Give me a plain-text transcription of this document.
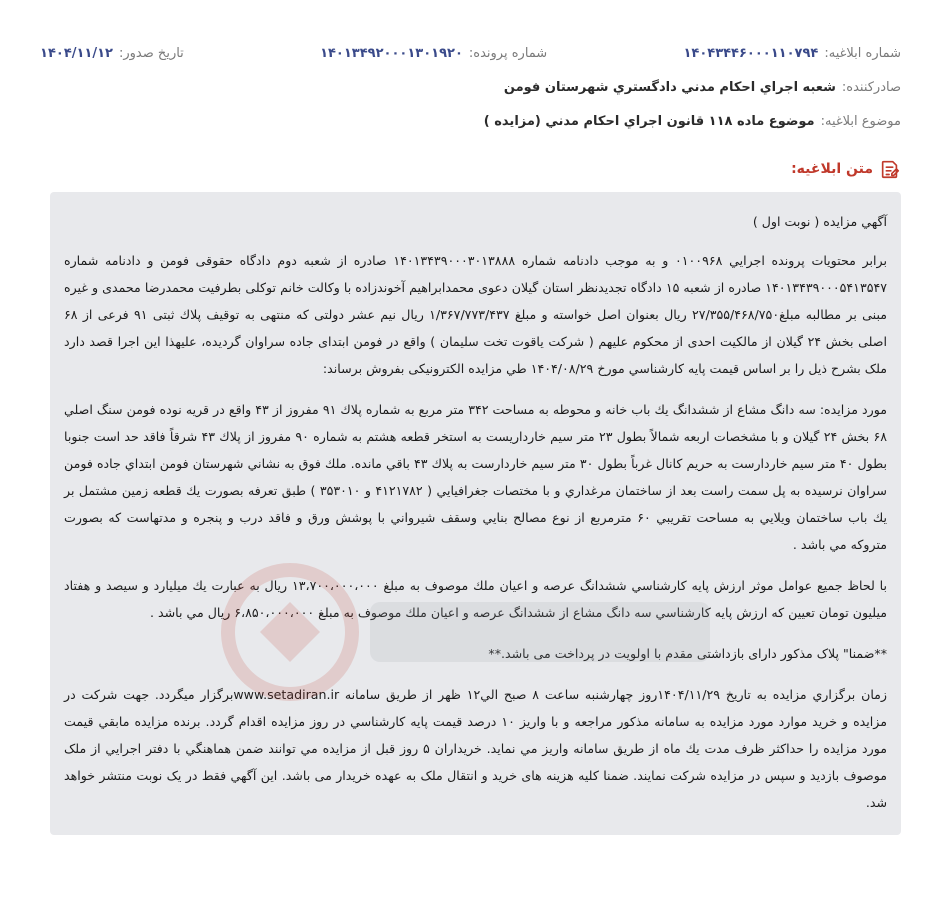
شماره ابلاغیه:
۱۴۰۴۳۴۴۶۰۰۰۱۱۰۷۹۴
شماره پرونده:
۱۴۰۱۳۴۹۲۰۰۰۱۳۰۱۹۲۰
تاریخ صدور:
۱۴۰۴/۱۱/۱۲
صادرکننده:
شعبه اجراي احكام مدني دادگستري شهرستان فومن
موضوع ابلاغیه:
موضوع ماده ۱۱۸ قانون اجراي احكام مدني (مزايده )
متن ابلاغیه:

آگهي مزايده ( نوبت اول )

برابر محتويات پرونده اجرايي ۰۱۰۰۹۶۸ و به موجب دادنامه شماره ۱۴۰۱۳۴۳۹۰۰۰۳۰۱۳۸۸۸ صادره از شعبه دوم دادگاه حقوقی فومن و دادنامه شماره ۱۴۰۱۳۴۳۹۰۰۰۵۴۱۳۵۴۷ صادره از شعبه ۱۵ دادگاه تجديدنظر استان گيلان دعوی محمدابراهيم آخوندزاده با وكالت خانم توكلی بطرفيت محمدرضا محمدی و غيره مبنی بر مطالبه مبلغ۲۷/۳۵۵/۴۶۸/۷۵۰ ريال بعنوان اصل خواسته و مبلغ ۱/۳۶۷/۷۷۳/۴۳۷ ريال نيم عشر دولتی كه منتهی به توقيف پلاك ثبتی ۹۱ فرعی از ۶۸ اصلی بخش ۲۴ گيلان از مالكيت احدی از محكوم عليهم ( شركت ياقوت تخت سليمان ) واقع در فومن ابتدای جاده سراوان گرديده، عليهذا اين اجرا قصد دارد ملک بشرح ذيل را بر اساس قيمت پايه كارشناسي مورخ ۱۴۰۴/۰۸/۲۹ طي مزايده الكترونيكی بفروش برساند:

مورد مزايده: سه دانگ مشاع از ششدانگ يك باب خانه و محوطه به مساحت ۳۴۲ متر مربع به شماره پلاك ۹۱ مفروز از ۴۳ واقع در قريه نوده فومن سنگ اصلي ۶۸ بخش ۲۴ گيلان و با مشخصات اربعه شمالاً بطول ۲۳ متر سيم خارداريست به استخر قطعه هشتم به شماره ۹۰ مفروز از پلاك ۴۳ شرقاً فاقد حد است جنوبا بطول ۴۰ متر سيم خاردارست به حريم كانال غرباً بطول ۳۰ متر سيم خاردارست به پلاك ۴۳ باقي مانده. ملك فوق به نشاني شهرستان فومن ابتداي جاده فومن سراوان نرسيده به پل سمت راست بعد از ساختمان مرغداري و با مختصات جغرافيايي ( ۴۱۲۱۷۸۲ و ۳۵۳۰۱۰ ) طبق تعرفه بصورت يك قطعه زمين مشتمل بر يك باب ساختمان ويلايي به مساحت تقريبي ۶۰ مترمربع از نوع مصالح بنايي وسقف شيرواني با پوشش ورق و فاقد درب و پنجره و مدتهاست كه بصورت متروكه مي باشد .

با لحاظ جميع عوامل موثر ارزش پايه كارشناسي ششدانگ عرصه و اعيان ملك موصوف به مبلغ ۱۳،۷۰۰،۰۰۰،۰۰۰ ريال به عبارت يك ميليارد و سيصد و هفتاد ميليون تومان تعيين كه ارزش پايه كارشناسي سه دانگ مشاع از ششدانگ عرصه و اعيان ملك موصوف به مبلغ ۶،۸۵۰،۰۰۰،۰۰۰ ريال مي باشد .

**ضمنا" پلاک مذکور دارای بازداشتی مقدم با اولويت در پرداخت می باشد.**

زمان برگزاري مزايده به تاريخ ۱۴۰۴/۱۱/۲۹روز چهارشنبه ساعت ۸ صبح الي۱۲ ظهر از طريق سامانه www.setadiran.irبرگزار ميگردد. جهت شركت در مزايده و خريد موارد مورد مزايده به سامانه مذكور مراجعه و با واريز ۱۰ درصد قيمت پايه كارشناسي در روز مزايده اقدام گردد. برنده مزايده مابقي قيمت مورد مزايده را حداكثر ظرف مدت يك ماه از طريق سامانه واريز مي نمايد. خريداران ۵ روز قبل از مزايده مي توانند ضمن هماهنگي با دفتر اجرايي از ملک موصوف بازديد و سپس در مزايده شركت نمايند. ضمنا كليه هزينه های خريد و انتقال ملک به عهده خريدار می باشد. اين آگهي فقط در يک نوبت منتشر خواهد شد.
